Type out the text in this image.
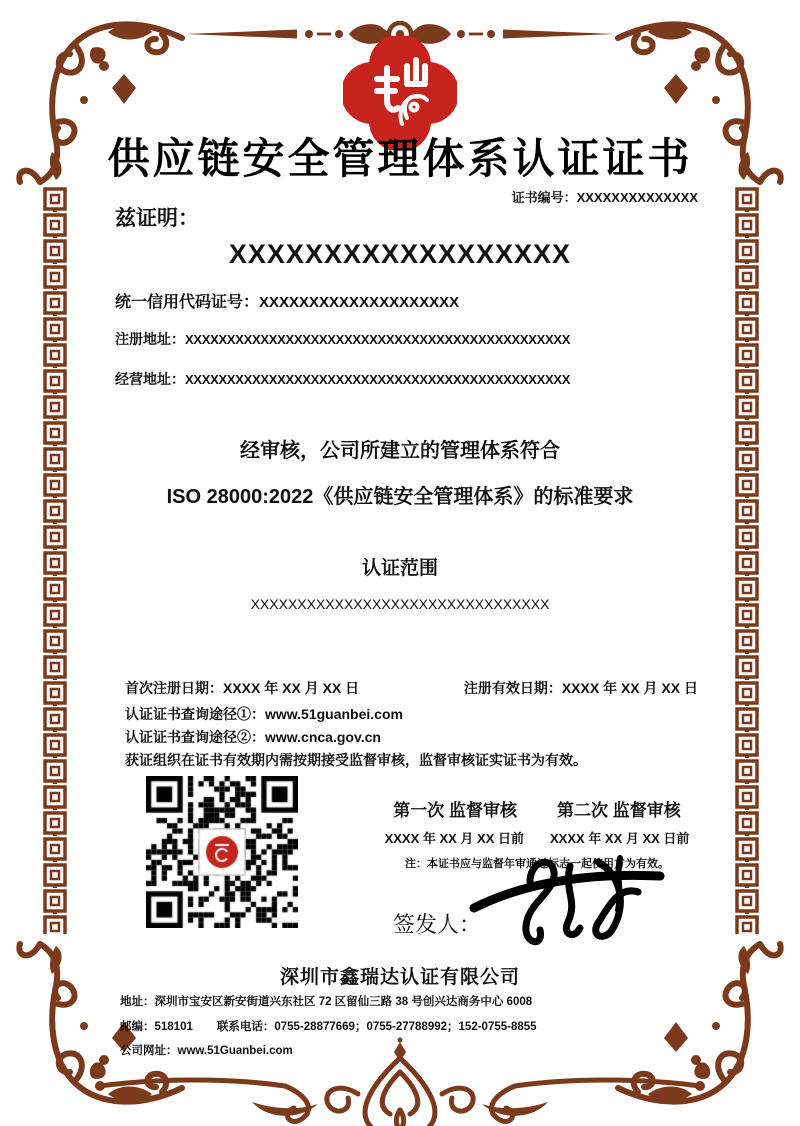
供应链安全管理体系认证证书
证书编号：XXXXXXXXXXXXXX
兹证明：
XXXXXXXXXXXXXXXXXX
统一信用代码证号：XXXXXXXXXXXXXXXXXXXX
注册地址：XXXXXXXXXXXXXXXXXXXXXXXXXXXXXXXXXXXXXXXXXXXXXX
经营地址：XXXXXXXXXXXXXXXXXXXXXXXXXXXXXXXXXXXXXXXXXXXXXX
经审核，公司所建立的管理体系符合
ISO 28000:2022《供应链安全管理体系》的标准要求
认证范围
XXXXXXXXXXXXXXXXXXXXXXXXXXXXXXXX
首次注册日期：XXXX 年 XX 月 XX 日	注册有效日期：XXXX 年 XX 月 XX 日
认证证书查询途径①：www.51guanbei.com
认证证书查询途径②：www.cnca.gov.cn
获证组织在证书有效期内需按期接受监督审核，监督审核证实证书为有效。
第一次 监督审核 第二次 监督审核
XXXX 年 XX 月 XX 日前 XXXX 年 XX 月 XX 日前
注：本证书应与监督年审通过标志一起使用方为有效。
签发人：
深圳市鑫瑞达认证有限公司
地址：深圳市宝安区新安街道兴东社区 72 区留仙三路 38 号创兴达商务中心 6008
邮编：518101 联系电话：0755-28877669；0755-27788992；152-0755-8855
公司网址：www.51Guanbei.com
